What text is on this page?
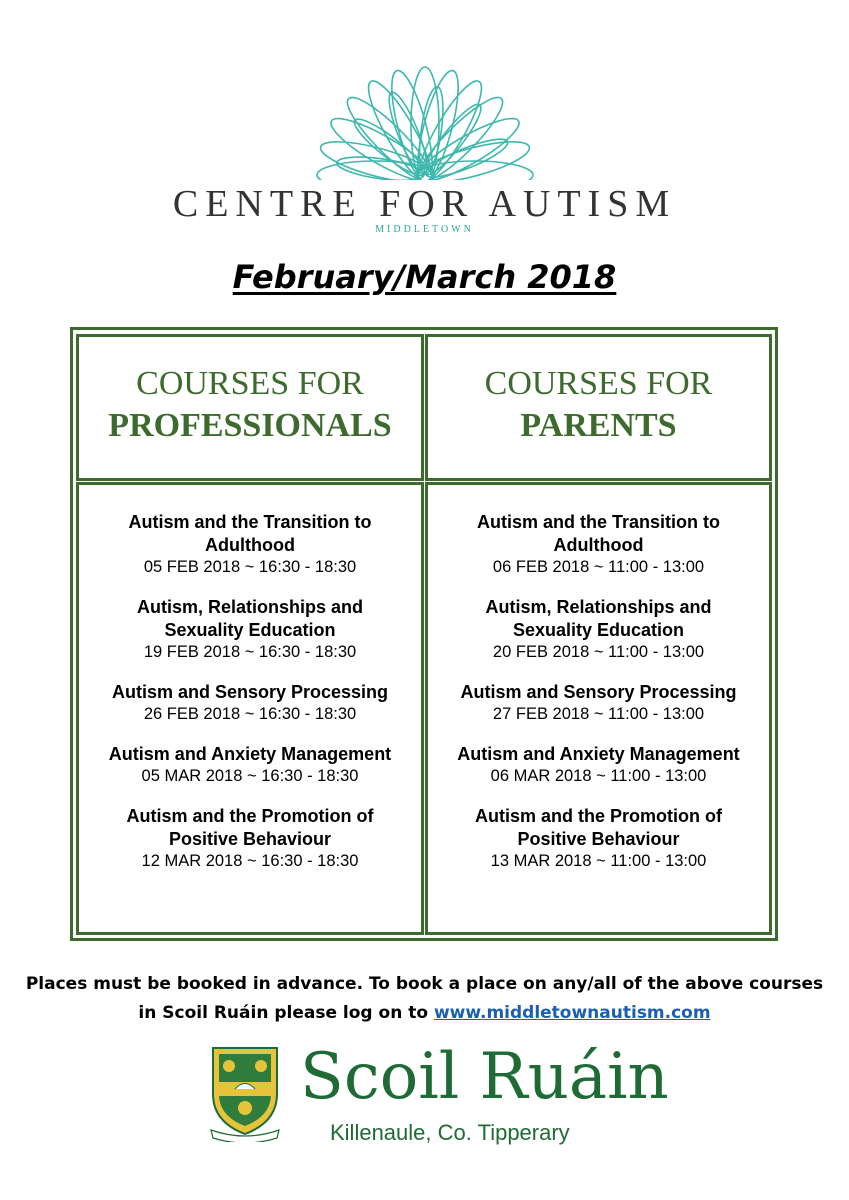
CENTRE FOR AUTISM
MIDDLETOWN
February/March 2018
COURSES FOR
PROFESSIONALS
COURSES FOR
PARENTS
Autism and the Transition to Adulthood
05 FEB 2018 ~ 16:30 - 18:30
Autism, Relationships and Sexuality Education
19 FEB 2018 ~ 16:30 - 18:30
Autism and Sensory Processing
26 FEB 2018 ~ 16:30 - 18:30
Autism and Anxiety Management
05 MAR 2018 ~ 16:30 - 18:30
Autism and the Promotion of Positive Behaviour
12 MAR 2018 ~ 16:30 - 18:30
Autism and the Transition to Adulthood
06 FEB 2018 ~ 11:00 - 13:00
Autism, Relationships and Sexuality Education
20 FEB 2018 ~ 11:00 - 13:00
Autism and Sensory Processing
27 FEB 2018 ~ 11:00 - 13:00
Autism and Anxiety Management
06 MAR 2018 ~ 11:00 - 13:00
Autism and the Promotion of Positive Behaviour
13 MAR 2018 ~ 11:00 - 13:00
Places must be booked in advance. To book a place on any/all of the above courses
in Scoil Ruáin please log on to www.middletownautism.com
Scoil Ruáin
Killenaule, Co. Tipperary
